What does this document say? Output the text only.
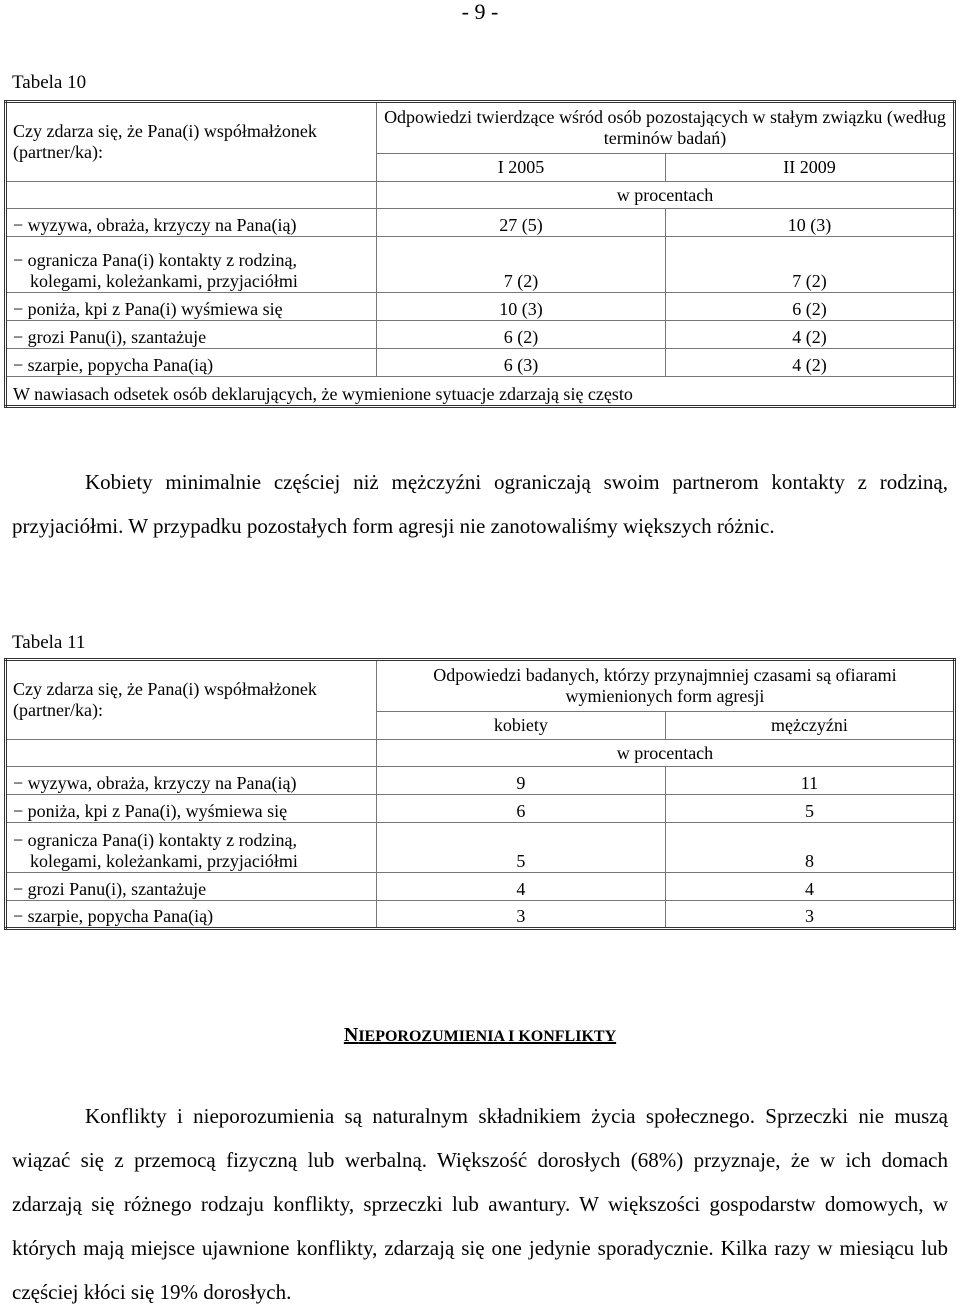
- 9 -
Tabela 10
Czy zdarza się, że Pana(i) współmałżonek (partner/ka):	Odpowiedzi twierdzące wśród osób pozostających w stałym związku (według terminów badań)	
	I 2005	II 2009
	w procentach	
− wyzywa, obraża, krzyczy na Pana(ią)	27 (5)	10 (3)
− ogranicza Pana(i) kontakty z rodziną,
kolegami, koleżankami, przyjaciółmi	7 (2)	7 (2)
− poniża, kpi z Pana(i) wyśmiewa się	10 (3)	6 (2)
− grozi Panu(i), szantażuje	6 (2)	4 (2)
− szarpie, popycha Pana(ią)	6 (3)	4 (2)
W nawiasach odsetek osób deklarujących, że wymienione sytuacje zdarzają się często		

Kobiety minimalnie częściej niż mężczyźni ograniczają swoim partnerom kontakty z rodziną, przyjaciółmi. W przypadku pozostałych form agresji nie zanotowaliśmy większych różnic.

Tabela 11
Czy zdarza się, że Pana(i) współmałżonek (partner/ka):	Odpowiedzi badanych, którzy przynajmniej czasami są ofiarami wymienionych form agresji	
	kobiety	mężczyźni
	w procentach	
− wyzywa, obraża, krzyczy na Pana(ią)	9	11
− poniża, kpi z Pana(i), wyśmiewa się	6	5
− ogranicza Pana(i) kontakty z rodziną,
kolegami, koleżankami, przyjaciółmi	5	8
− grozi Panu(i), szantażuje	4	4
− szarpie, popycha Pana(ią)	3	3
NIEPOROZUMIENIA I KONFLIKTY

Konflikty i nieporozumienia są naturalnym składnikiem życia społecznego. Sprzeczki nie muszą wiązać się z przemocą fizyczną lub werbalną. Większość dorosłych (68%) przyznaje, że w ich domach zdarzają się różnego rodzaju konflikty, sprzeczki lub awantury. W większości gospodarstw domowych, w których mają miejsce ujawnione konflikty, zdarzają się one jedynie sporadycznie. Kilka razy w miesiącu lub częściej kłóci się 19% dorosłych.
